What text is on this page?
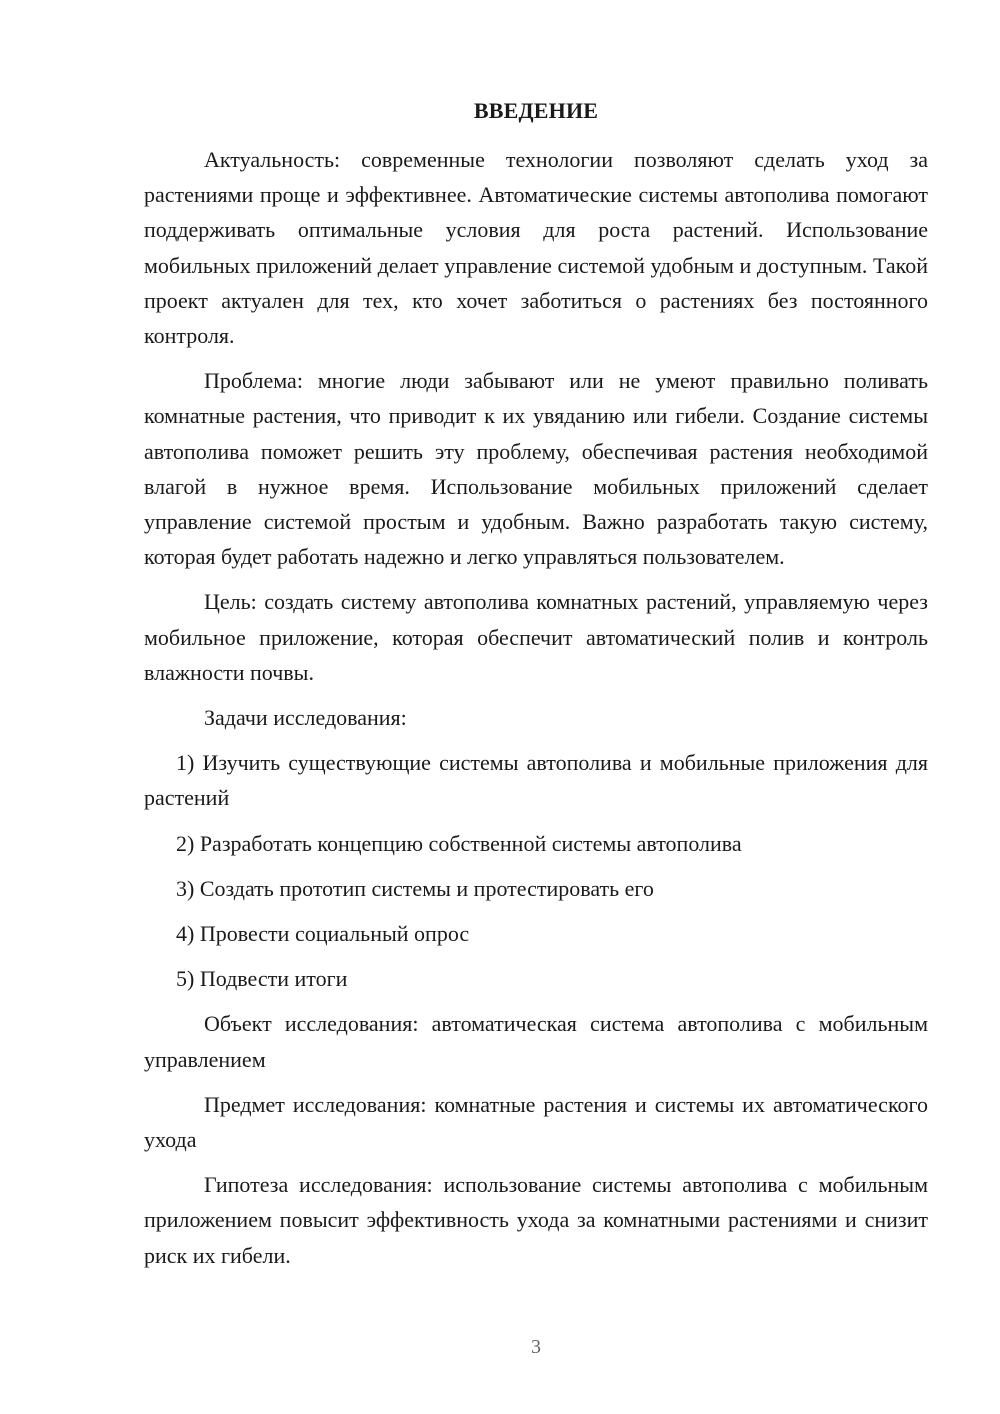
ВВЕДЕНИЕ

Актуальность: современные технологии позволяют сделать уход за растениями проще и эффективнее. Автоматические системы автополива помогают поддерживать оптимальные условия для роста растений. Использование мобильных приложений делает управление системой удобным и доступным. Такой проект актуален для тех, кто хочет заботиться о растениях без постоянного контроля.

Проблема: многие люди забывают или не умеют правильно поливать комнатные растения, что приводит к их увяданию или гибели. Создание системы автополива поможет решить эту проблему, обеспечивая растения необходимой влагой в нужное время. Использование мобильных приложений сделает управление системой простым и удобным. Важно разработать такую систему, которая будет работать надежно и легко управляться пользователем.

Цель: создать систему автополива комнатных растений, управляемую через мобильное приложение, которая обеспечит автоматический полив и контроль влажности почвы.

Задачи исследования:

1) Изучить существующие системы автополива и мобильные приложения для растений

2) Разработать концепцию собственной системы автополива

3) Создать прототип системы и протестировать его

4) Провести социальный опрос

5) Подвести итоги

Объект исследования: автоматическая система автополива с мобильным управлением

Предмет исследования: комнатные растения и системы их автоматического ухода

Гипотеза исследования: использование системы автополива с мобильным приложением повысит эффективность ухода за комнатными растениями и снизит риск их гибели.

3
